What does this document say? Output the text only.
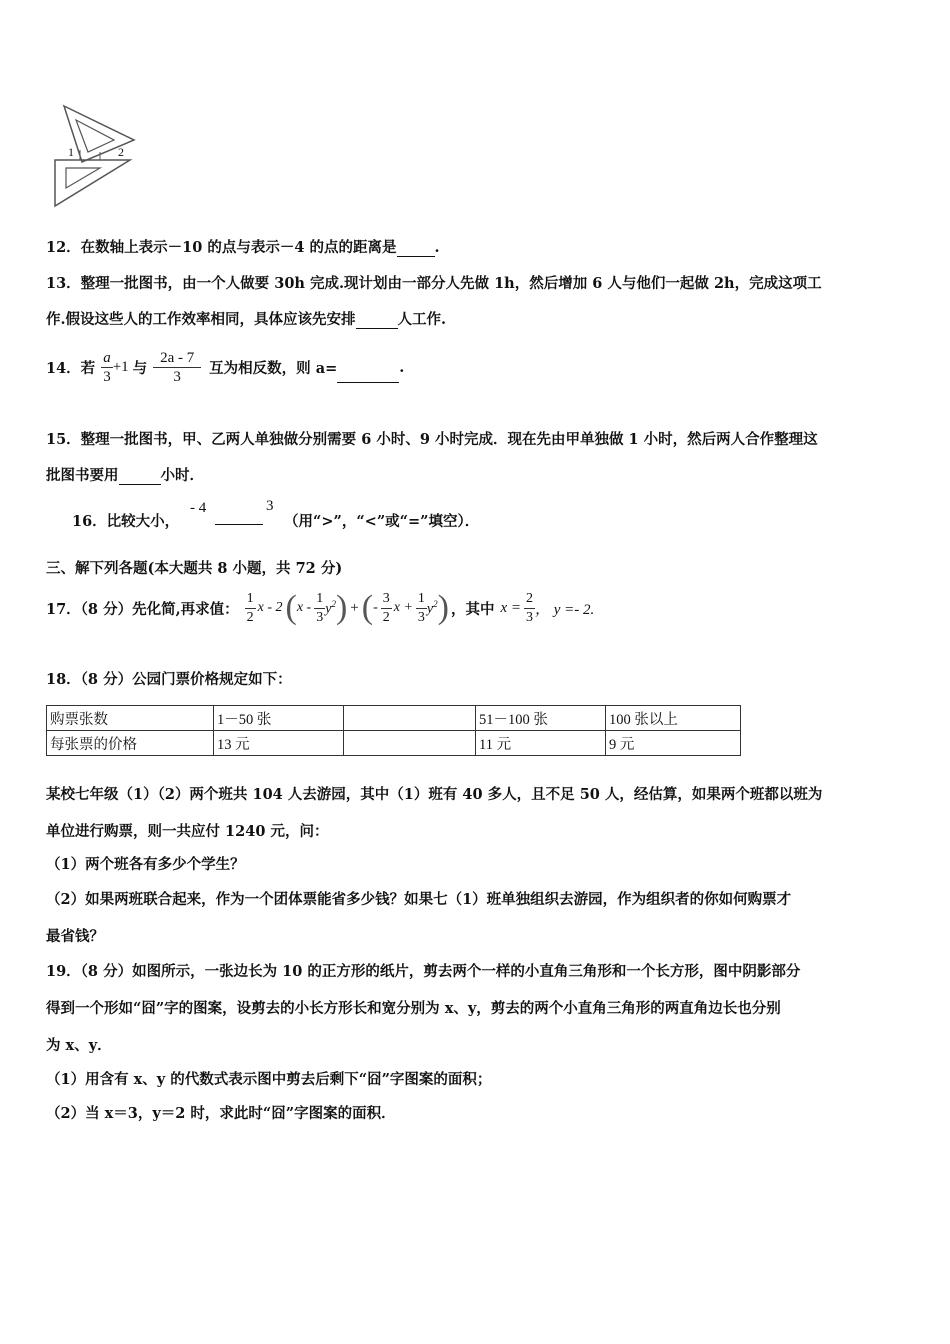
1	2
12．在数轴上表示－10 的点与表示－4 的点的距离是	.
13．整理一批图书，由一个人做要 30h 完成.现计划由一部分人先做 1h，然后增加 6 人与他们一起做 2h，完成这项工
作.假设这些人的工作效率相同，具体应该先安排	人工作.
14．若 $\frac{a}{3} +1$ 与 $\frac{2a - 7}{3}$ 互为相反数，则 a=
	.
15．整理一批图书，甲、乙两人单独做分别需要 6 小时、9 小时完成．现在先由甲单独做 1 小时，然后两人合作整理这
批图书要用	小时．
16．比较大小，
- 4	3
（用“>”，“<”或“=”填空）．
三、解下列各题(本大题共 8 小题，共 72 分)
17．（8 分）先化简,再求值： $\frac{1}{2}$ x - 2 ( x - $\frac{1}{3} y^2$ ) + ( - $\frac{3}{2}$ $x + \frac{1}{3} y^2$ ) ，其中 $x = \frac{2}{3}$ ， y =- 2.
18．（8 分）公园门票价格规定如下：
购票张数	1－50 张		51－100 张	100 张以上
每张票的价格	13 元		11 元	9 元
某校七年级（1）（2）两个班共 104 人去游园，其中（1）班有 40 多人，且不足 50 人，经估算，如果两个班都以班为
单位进行购票，则一共应付 1240 元，问：
（1）两个班各有多少个学生？
（2）如果两班联合起来，作为一个团体票能省多少钱？如果七（1）班单独组织去游园，作为组织者的你如何购票才
最省钱？
19．（8 分）如图所示，一张边长为 10 的正方形的纸片，剪去两个一样的小直角三角形和一个长方形，图中阴影部分
得到一个形如“囧”字的图案，设剪去的小长方形长和宽分别为 x、y，剪去的两个小直角三角形的两直角边长也分别
为 x、y．
（1）用含有 x、y 的代数式表示图中剪去后剩下“囧”字图案的面积；
（2）当 x＝3，y＝2 时，求此时“囧”字图案的面积．
